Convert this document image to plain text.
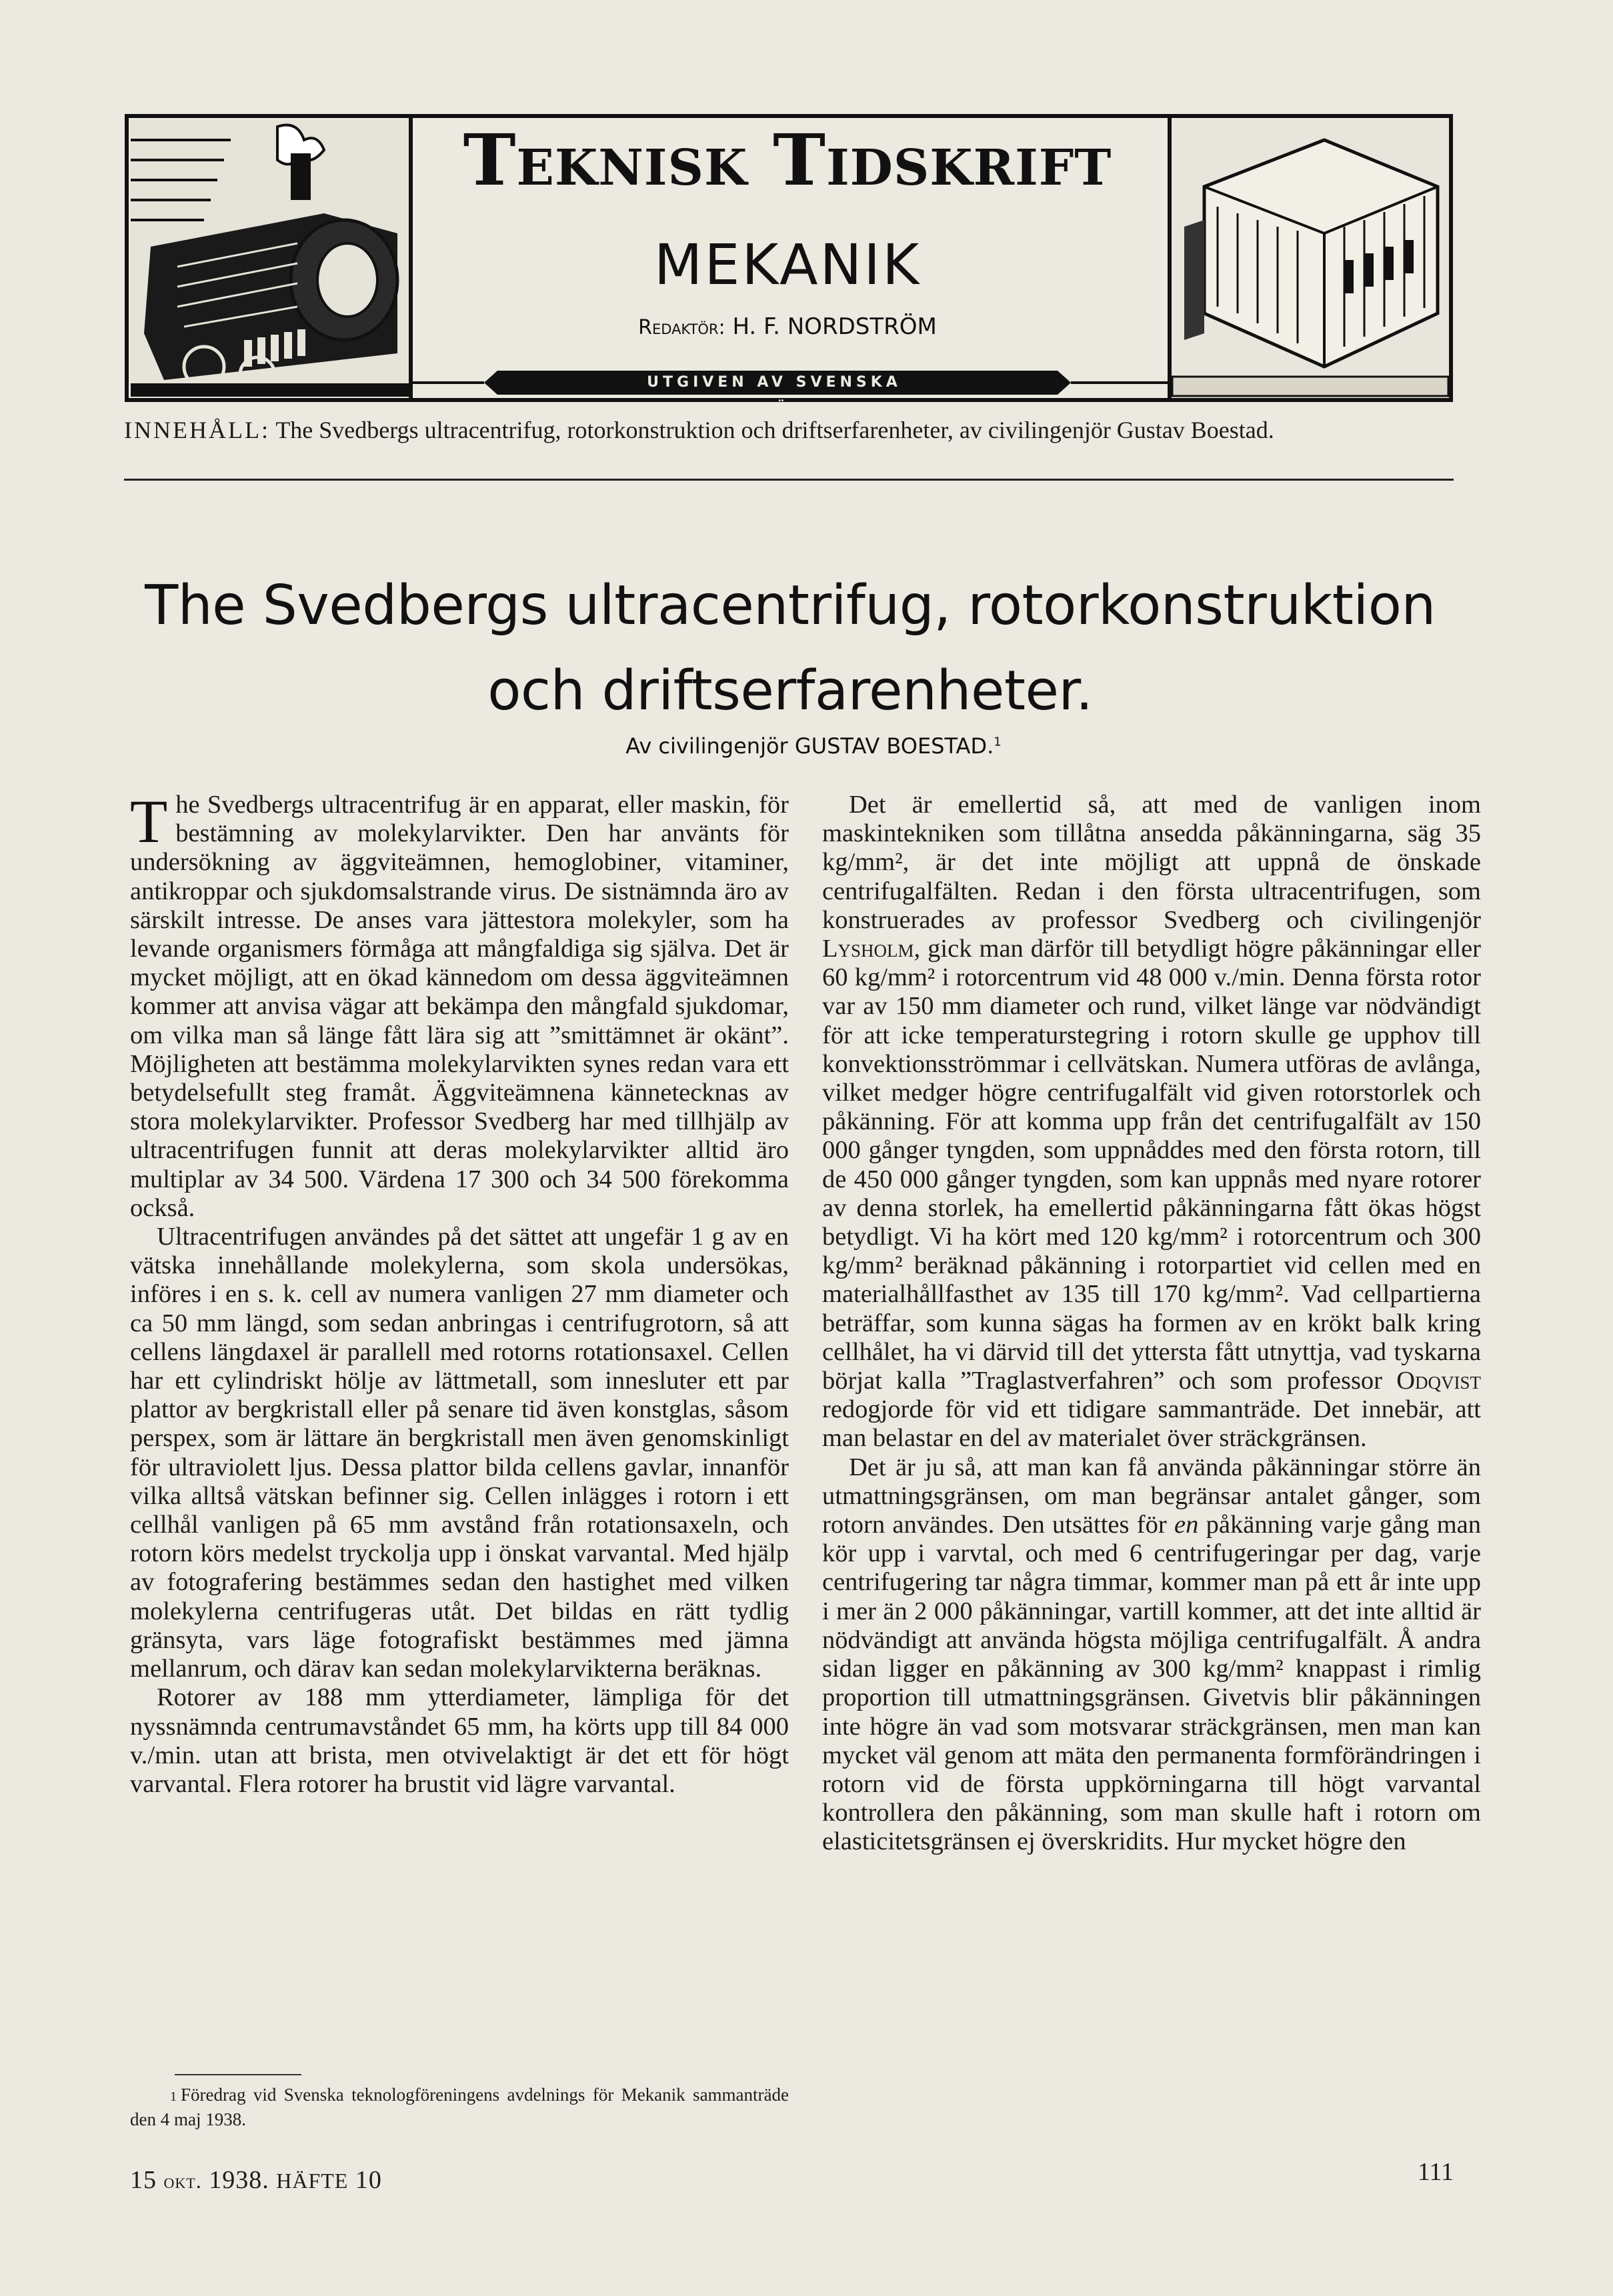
Teknisk Tidskrift
MEKANIK
Redaktör: H. F. NORDSTRÖM
UTGIVEN AV SVENSKA TEKNOLOGFÖRENINGEN
INNEHÅLL: The Svedbergs ultracentrifug, rotorkonstruktion och driftserfarenheter, av civilingenjör Gustav Boestad.
The Svedbergs ultracentrifug, rotorkonstruktion
och driftserfarenheter.
Av civilingenjör GUSTAV BOESTAD.$^1$

The Svedbergs ultracentrifug är en apparat, eller maskin, för bestämning av molekylarvikter. Den har använts för undersökning av äggviteämnen, hemoglobiner, vitaminer, antikroppar och sjukdomsalstrande virus. De sistnämnda äro av särskilt intresse. De anses vara jättestora molekyler, som ha levande organismers förmåga att mångfaldiga sig själva. Det är mycket möjligt, att en ökad kännedom om dessa äggviteämnen kommer att anvisa vägar att bekämpa den mångfald sjukdomar, om vilka man så länge fått lära sig att ”smittämnet är okänt”. Möjligheten att bestämma molekylarvikten synes redan vara ett betydelsefullt steg framåt. Äggviteämnena kännetecknas av stora molekylarvikter. Professor Svedberg har med tillhjälp av ultracentrifugen funnit att deras molekylarvikter alltid äro multiplar av 34 500. Värdena 17 300 och 34 500 förekomma också.

Ultracentrifugen användes på det sättet att ungefär 1 g av en vätska innehållande molekylerna, som skola undersökas, införes i en s. k. cell av numera vanligen 27 mm diameter och ca 50 mm längd, som sedan anbringas i centrifugrotorn, så att cellens längdaxel är parallell med rotorns rotationsaxel. Cellen har ett cylindriskt hölje av lättmetall, som innesluter ett par plattor av bergkristall eller på senare tid även konstglas, såsom perspex, som är lättare än bergkristall men även genomskinligt för ultraviolett ljus. Dessa plattor bilda cellens gavlar, innanför vilka alltså vätskan befinner sig. Cellen inlägges i rotorn i ett cellhål vanligen på 65 mm avstånd från rotationsaxeln, och rotorn körs medelst tryckolja upp i önskat varvantal. Med hjälp av fotografering bestämmes sedan den hastighet med vilken molekylerna centrifugeras utåt. Det bildas en rätt tydlig gränsyta, vars läge fotografiskt bestämmes med jämna mellanrum, och därav kan sedan molekylarvikterna beräknas.

Rotorer av 188 mm ytterdiameter, lämpliga för det nyssnämnda centrumavståndet 65 mm, ha körts upp till 84 000 v./min. utan att brista, men otvivelaktigt är det ett för högt varvantal. Flera rotorer ha brustit vid lägre varvantal.

Det är emellertid så, att med de vanligen inom maskintekniken som tillåtna ansedda påkänningarna, säg 35 kg/mm², är det inte möjligt att uppnå de önskade centrifugalfälten. Redan i den första ultracentrifugen, som konstruerades av professor Svedberg och civilingenjör Lysholm, gick man därför till betydligt högre påkänningar eller 60 kg/mm² i rotorcentrum vid 48 000 v./min. Denna första rotor var av 150 mm diameter och rund, vilket länge var nödvändigt för att icke temperaturstegring i rotorn skulle ge upphov till konvektionsströmmar i cellvätskan. Numera utföras de avlånga, vilket medger högre centrifugalfält vid given rotorstorlek och påkänning. För att komma upp från det centrifugalfält av 150 000 gånger tyngden, som uppnåddes med den första rotorn, till de 450 000 gånger tyngden, som kan uppnås med nyare rotorer av denna storlek, ha emellertid påkänningarna fått ökas högst betydligt. Vi ha kört med 120 kg/mm² i rotorcentrum och 300 kg/mm² beräknad påkänning i rotorpartiet vid cellen med en materialhållfasthet av 135 till 170 kg/mm². Vad cellpartierna beträffar, som kunna sägas ha formen av en krökt balk kring cellhålet, ha vi därvid till det yttersta fått utnyttja, vad tyskarna börjat kalla ”Traglastverfahren” och som professor Odqvist redogjorde för vid ett tidigare sammanträde. Det innebär, att man belastar en del av materialet över sträckgränsen.

Det är ju så, att man kan få använda påkänningar större än utmattningsgränsen, om man begränsar antalet gånger, som rotorn användes. Den utsättes för en påkänning varje gång man kör upp i varvtal, och med 6 centrifugeringar per dag, varje centrifugering tar några timmar, kommer man på ett år inte upp i mer än 2 000 påkänningar, vartill kommer, att det inte alltid är nödvändigt att använda högsta möjliga centrifugalfält. Å andra sidan ligger en påkänning av 300 kg/mm² knappast i rimlig proportion till utmattningsgränsen. Givetvis blir påkänningen inte högre än vad som motsvarar sträckgränsen, men man kan mycket väl genom att mäta den permanenta formförändringen i rotorn vid de första uppkörningarna till högt varvantal kontrollera den påkänning, som man skulle haft i rotorn om elasticitetsgränsen ej överskridits. Hur mycket högre den

1 Föredrag vid Svenska teknologföreningens avdelnings för Mekanik sammanträde den 4 maj 1938.
15 okt. 1938. HÄFTE 10	111
